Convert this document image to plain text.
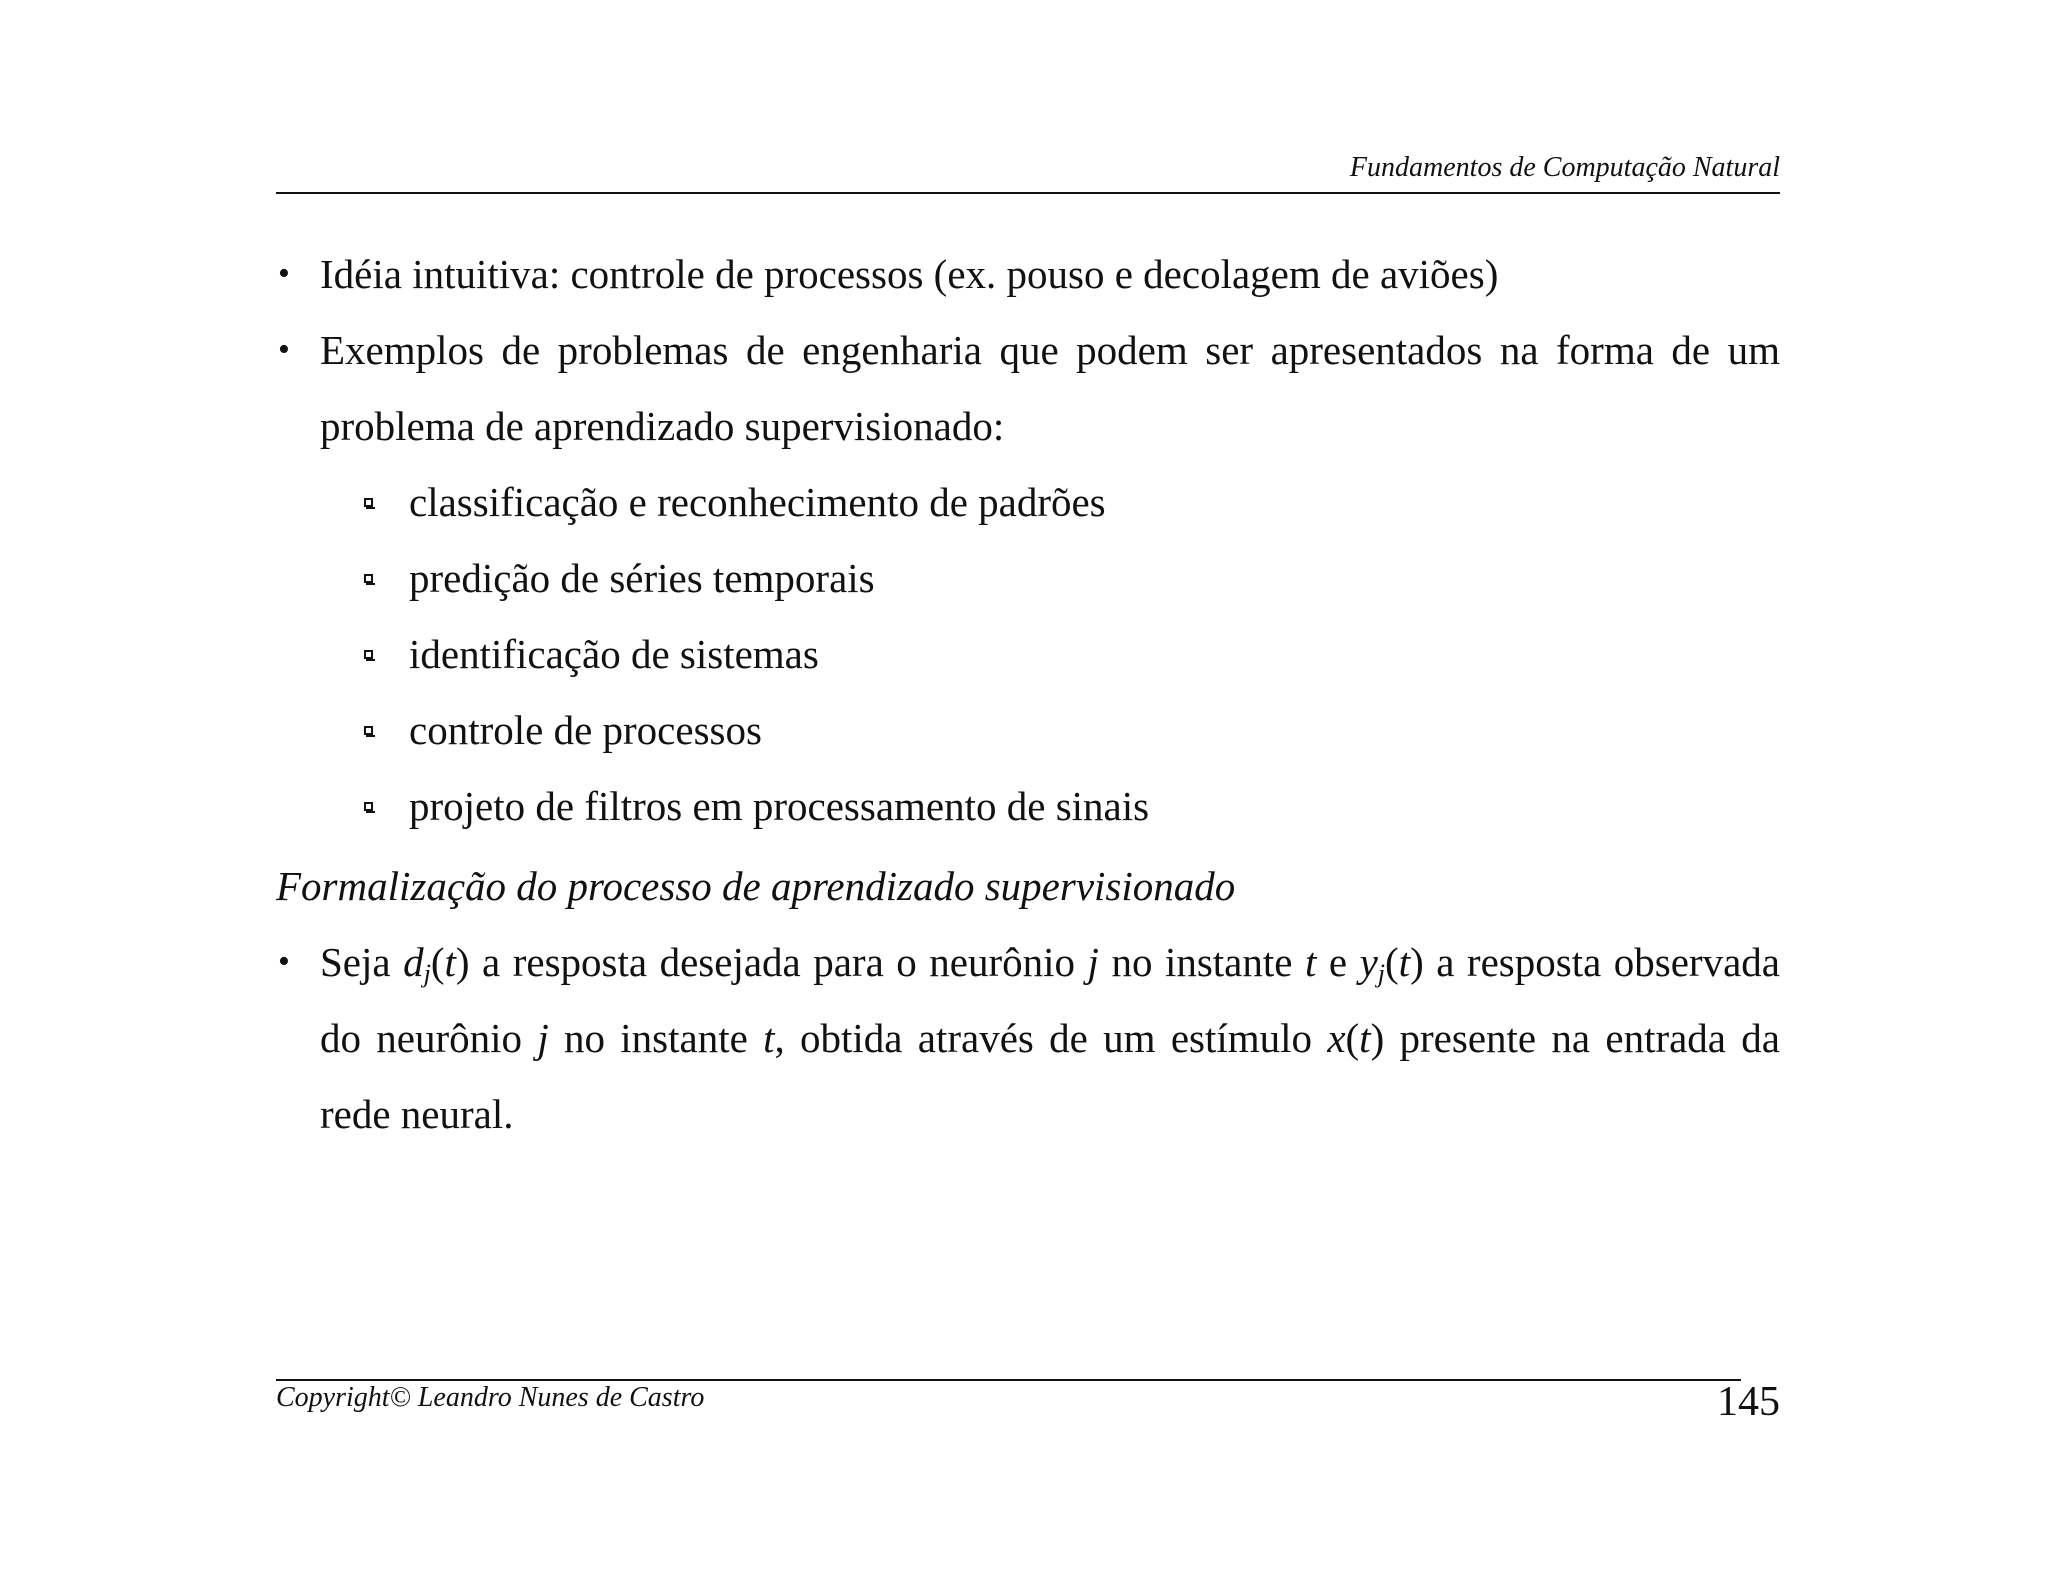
Fundamentos de Computação Natural
• Idéia intuitiva: controle de processos (ex. pouso e decolagem de aviões)
• Exemplos de problemas de engenharia que podem ser apresentados na forma de um problema de aprendizado supervisionado:
classificação e reconhecimento de padrões
predição de séries temporais
identificação de sistemas
controle de processos
projeto de filtros em processamento de sinais
Formalização do processo de aprendizado supervisionado
• Seja $d_j(t)$ a resposta desejada para o neurônio j no instante t e $y_j(t)$ a resposta observada do neurônio j no instante t, obtida através de um estímulo x(t) presente na entrada da rede neural.
Copyright© Leandro Nunes de Castro	145
